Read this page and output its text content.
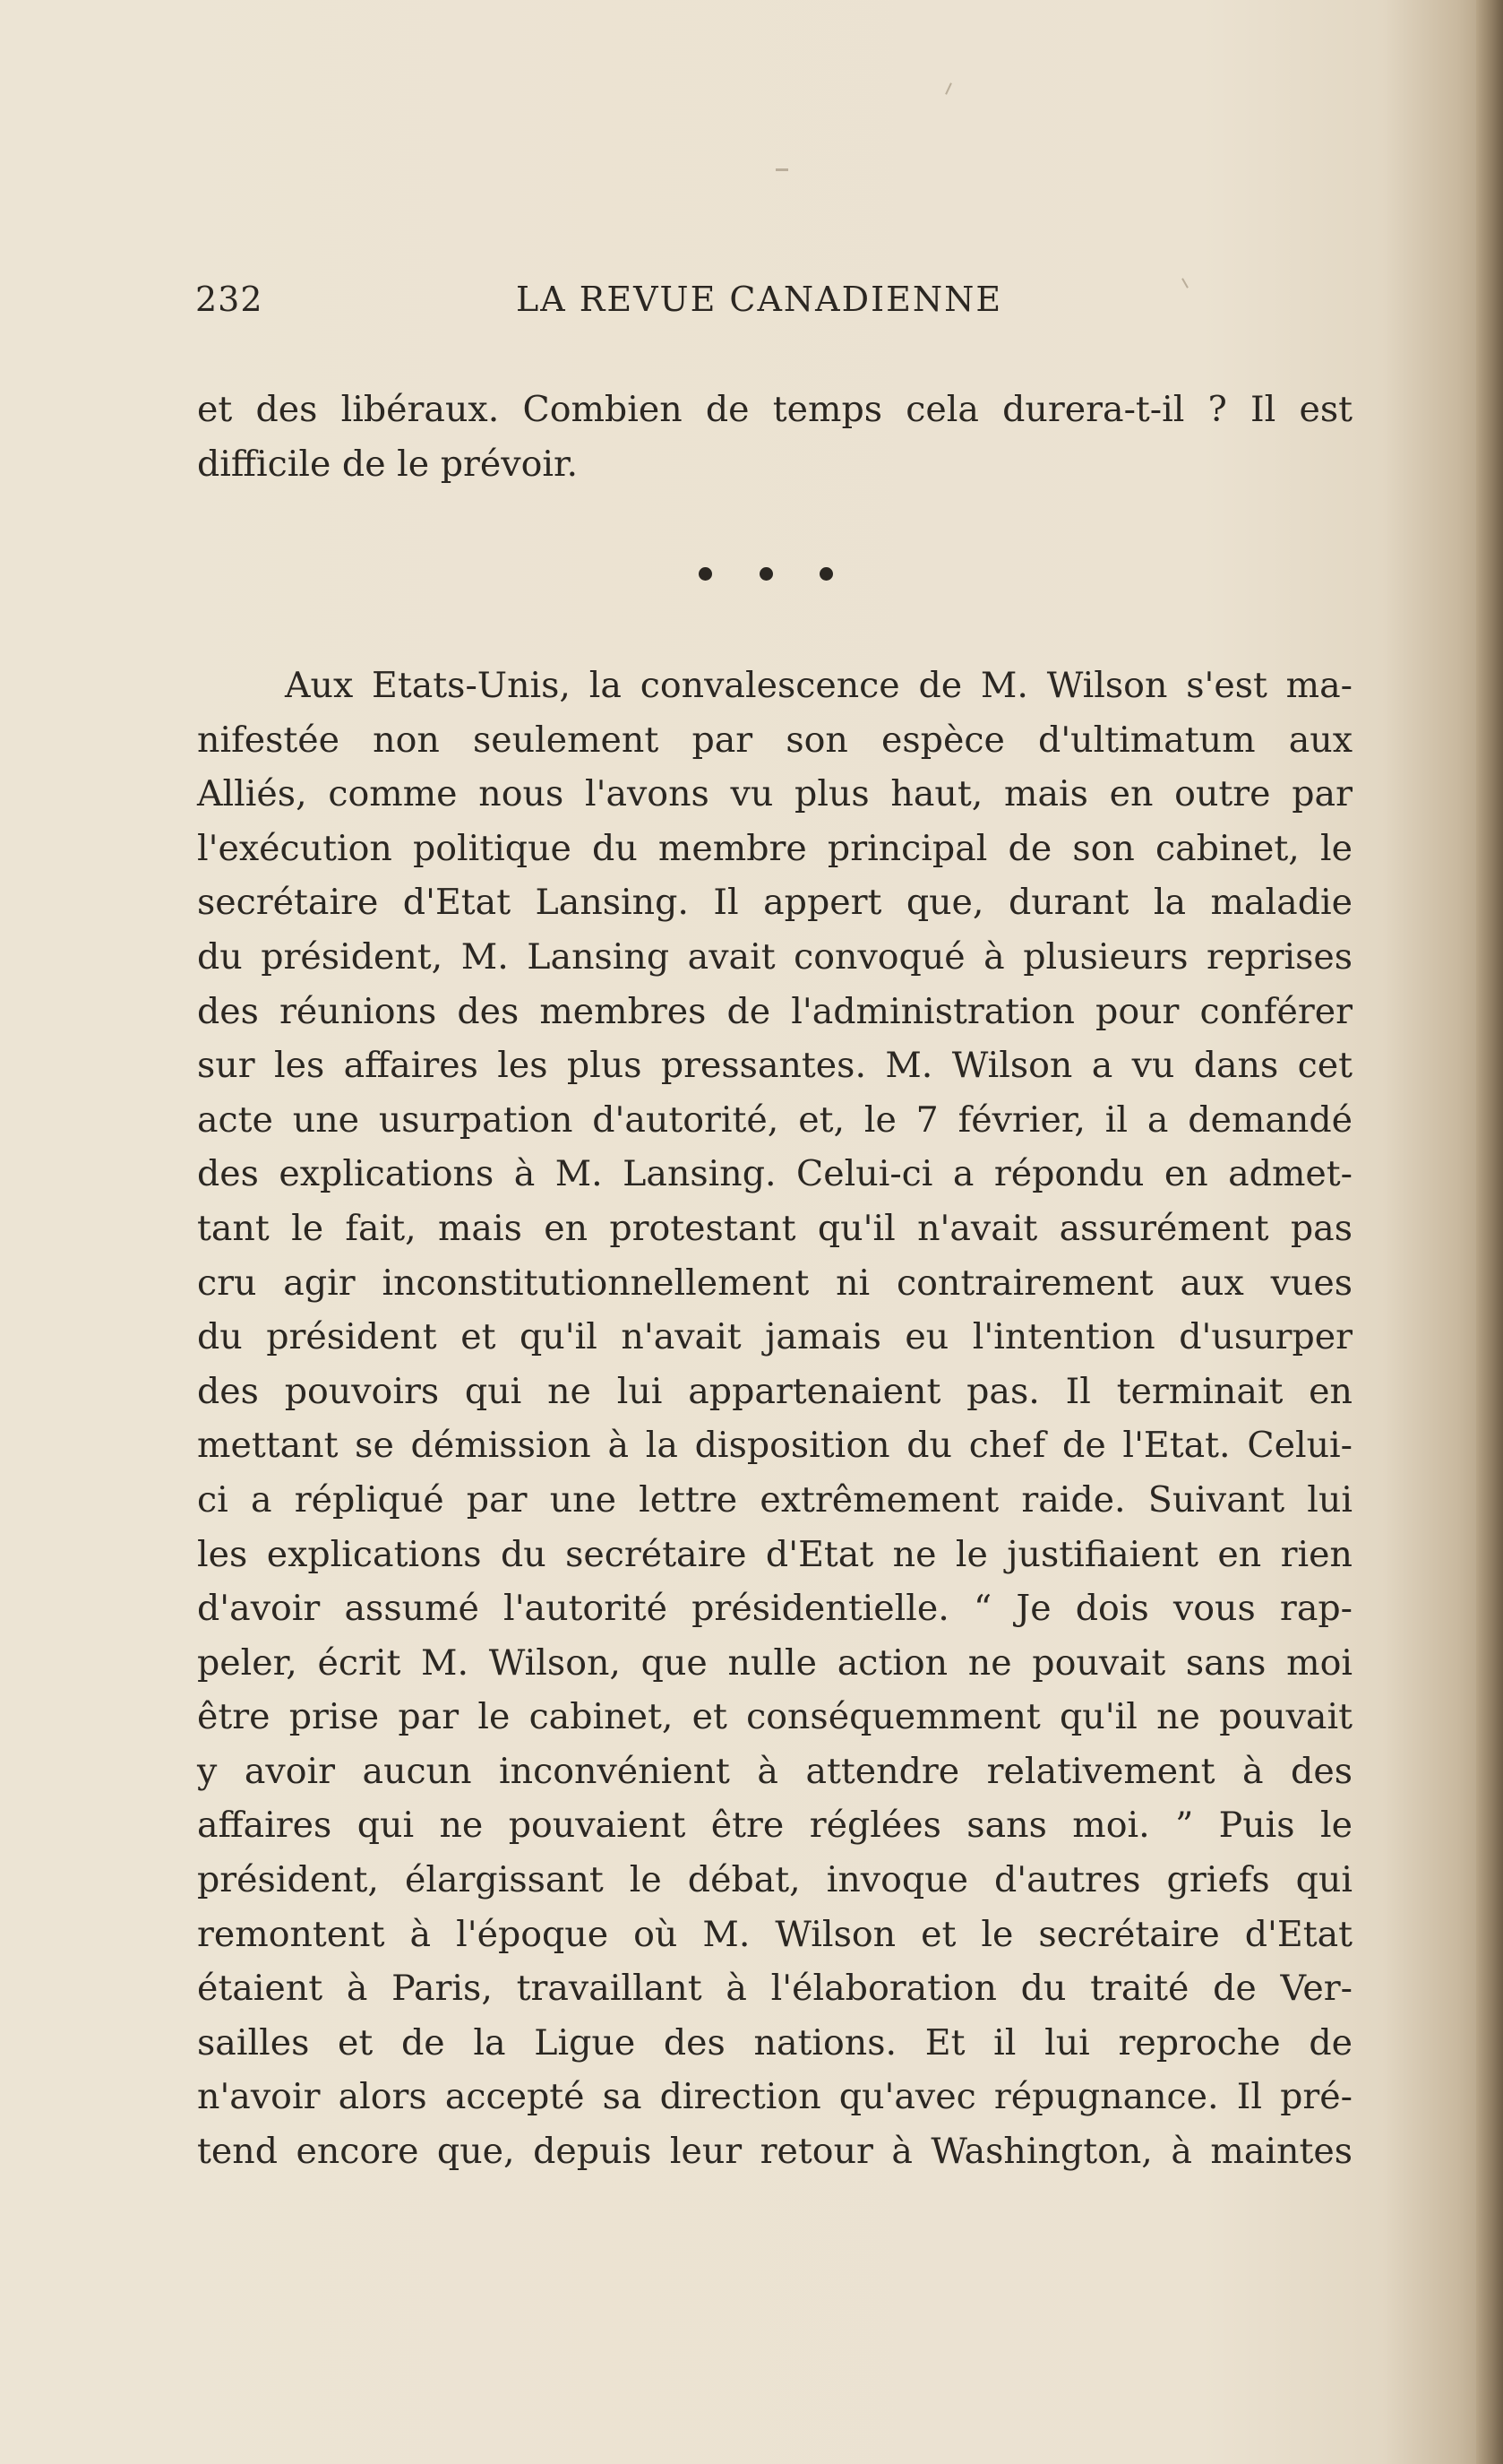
232	LA REVUE CANADIENNE
et des libéraux. Combien de temps cela durera-t-il ? Il est
difficile de le prévoir.
Aux Etats-Unis, la convalescence de M. Wilson s'est ma-
nifestée non seulement par son espèce d'ultimatum aux
Alliés, comme nous l'avons vu plus haut, mais en outre par
l'exécution politique du membre principal de son cabinet, le
secrétaire d'Etat Lansing. Il appert que, durant la maladie
du président, M. Lansing avait convoqué à plusieurs reprises
des réunions des membres de l'administration pour conférer
sur les affaires les plus pressantes. M. Wilson a vu dans cet
acte une usurpation d'autorité, et, le 7 février, il a demandé
des explications à M. Lansing. Celui-ci a répondu en admet-
tant le fait, mais en protestant qu'il n'avait assurément pas
cru agir inconstitutionnellement ni contrairement aux vues
du président et qu'il n'avait jamais eu l'intention d'usurper
des pouvoirs qui ne lui appartenaient pas. Il terminait en
mettant se démission à la disposition du chef de l'Etat. Celui-
ci a répliqué par une lettre extrêmement raide. Suivant lui
les explications du secrétaire d'Etat ne le justifiaient en rien
d'avoir assumé l'autorité présidentielle. “ Je dois vous rap-
peler, écrit M. Wilson, que nulle action ne pouvait sans moi
être prise par le cabinet, et conséquemment qu'il ne pouvait
y avoir aucun inconvénient à attendre relativement à des
affaires qui ne pouvaient être réglées sans moi. ” Puis le
président, élargissant le débat, invoque d'autres griefs qui
remontent à l'époque où M. Wilson et le secrétaire d'Etat
étaient à Paris, travaillant à l'élaboration du traité de Ver-
sailles et de la Ligue des nations. Et il lui reproche de
n'avoir alors accepté sa direction qu'avec répugnance. Il pré-
tend encore que, depuis leur retour à Washington, à maintes
